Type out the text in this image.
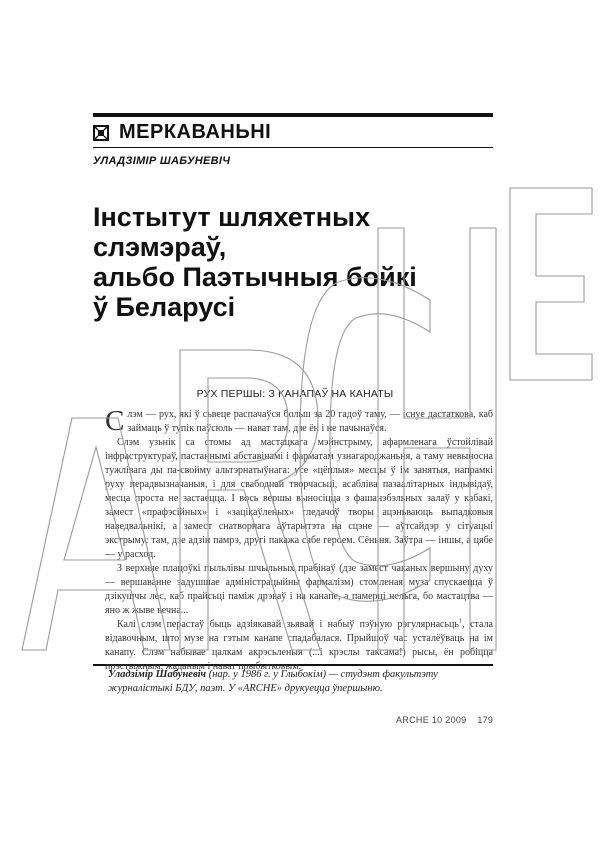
МЕРКАВАНЬНІ
УЛАДЗІМІР ШАБУНЕВІЧ
Інстытут шляхетных
слэмэраў,
альбо Паэтычныя бойкі
ў Беларусі
РУХ ПЕРШЫ: З КАНАПАЎ НА КАНАТЫ

Слэм — рух, які ў сьвеце распачаўся больш за 20 гадоў таму, — існуе дастаткова, каб займаць ў тупік паўсюль — нават там, дзе ён і не пачынаўся.

Слэм узьнік са стомы ад мастацкага мэйнстрыму, афармленага ўстойлівай інфраструктураў, пастаннымі абставінамі і фарматам узнагароджаньня, а таму невыносна тужлівага ды па-свойму альтэрнатыўнага: усе «цёплыя» месцы ў ім занятыя, напрамкі руху перадвызначаныя, і для свабоднай творчасьці, асабліва пазаалітарных індывідаў, месца проста не застаецца. І вось вершы выносіцца з фашанэбэльных залаў у кабакі, замест «прафэсійных» і «зацікаўленых» гледачоў творы ацэньваюць выпадковыя наведвальнікі, а замест снатворнага аўтарытэта на сцэне — аўтсайдэр у сітуацыі экстрыму: там, дзе адзін памрэ, другі пакажа сябе героем. Сёньня. Заўтра — іншы, а цябе — у расход.

З верхняе плацоўкі пыльлівы шчыльных прабінаў (дзе замест чаканых вершыну духу — вершаванне задушшае адміністрацыйны фармалізм) стомленая муза спускаецца ў дзікушчы лес, каб прайсьці паміж дрэваў і на канапе, а памерці нельга, бо мастацтва — яно ж жыве вечна...

Калі слэм перастаў быць адзіякавай зьявай і набыў пэўную рэгулярнасьць$^1$, стала відавочным, што музе на гэтым канапе спадабалася. Прыйшоў час усталёўваць на ім канапу. Слэм набывае цалкам акрэсьленыя (...і крэслы таксама!) рысы, ён робіцца прэстыжным, жаданым і нават прыбытковым.

Уладзімір Шабуневіч (нар. у 1986 г. у Глыбокім) — студэнт факультэту журналістыкі БДУ, паэт. У «ARCHE» друкуецца ўпершыню.
ARCHE 10 2009 179
